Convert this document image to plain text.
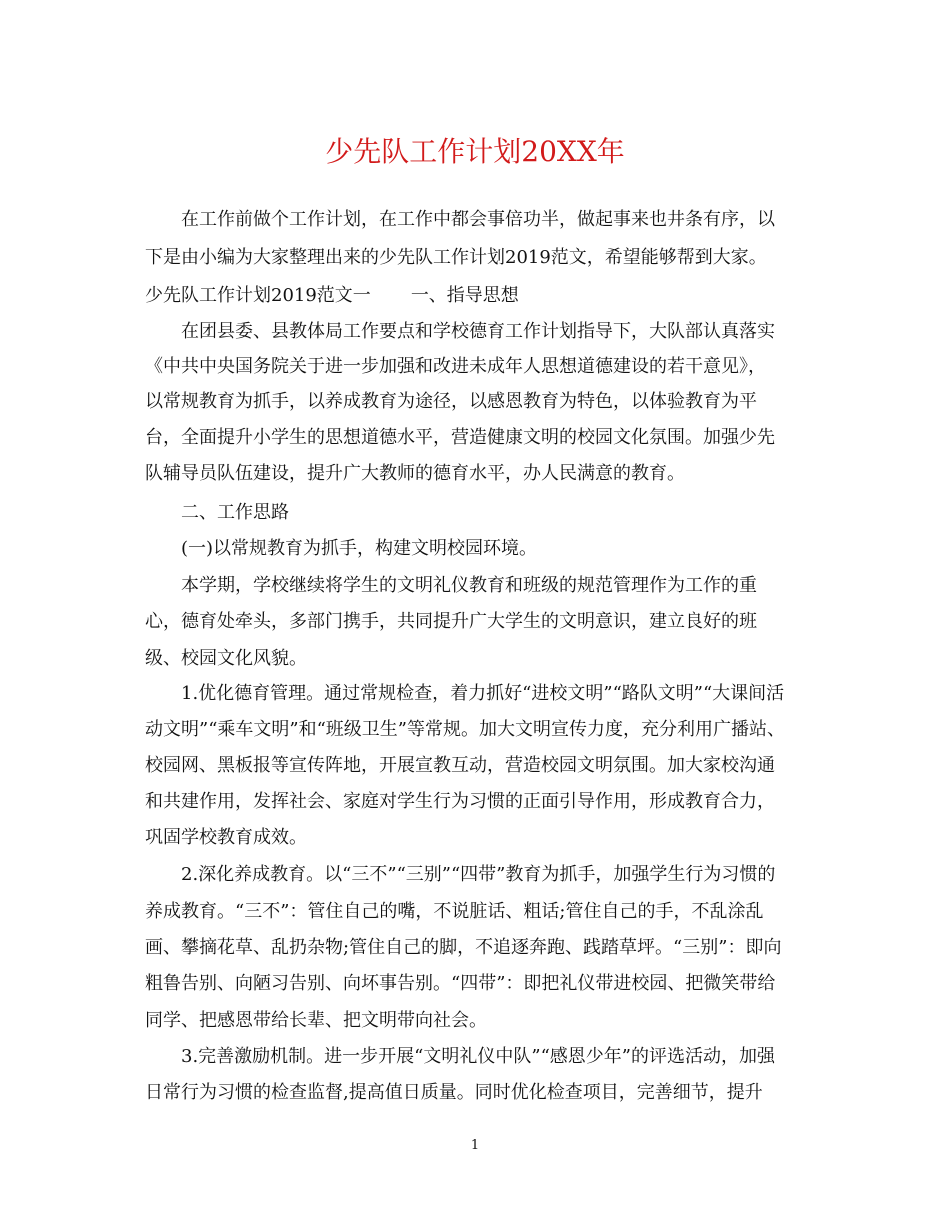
少先队工作计划20XX年
　　在工作前做个工作计划，在工作中都会事倍功半，做起事来也井条有序，以
下是由小编为大家整理出来的少先队工作计划2019范文，希望能够帮到大家。
少先队工作计划2019范文一 一、指导思想
　　在团县委、县教体局工作要点和学校德育工作计划指导下，大队部认真落实
《中共中央国务院关于进一步加强和改进未成年人思想道德建设的若干意见》，
以常规教育为抓手，以养成教育为途径，以感恩教育为特色，以体验教育为平
台，全面提升小学生的思想道德水平，营造健康文明的校园文化氛围。加强少先
队辅导员队伍建设，提升广大教师的德育水平，办人民满意的教育。
　　二、工作思路
　　(一)以常规教育为抓手，构建文明校园环境。
　　本学期，学校继续将学生的文明礼仪教育和班级的规范管理作为工作的重
心，德育处牵头，多部门携手，共同提升广大学生的文明意识，建立良好的班
级、校园文化风貌。
　　1.优化德育管理。通过常规检查，着力抓好“进校文明”“路队文明”“大课间活
动文明”“乘车文明”和“班级卫生”等常规。加大文明宣传力度，充分利用广播站、
校园网、黑板报等宣传阵地，开展宣教互动，营造校园文明氛围。加大家校沟通
和共建作用，发挥社会、家庭对学生行为习惯的正面引导作用，形成教育合力，
巩固学校教育成效。
　　2.深化养成教育。以“三不”“三别”“四带”教育为抓手，加强学生行为习惯的
养成教育。“三不”：管住自己的嘴，不说脏话、粗话;管住自己的手，不乱涂乱
画、攀摘花草、乱扔杂物;管住自己的脚，不追逐奔跑、践踏草坪。“三别”：即向
粗鲁告别、向陋习告别、向坏事告别。“四带”：即把礼仪带进校园、把微笑带给
同学、把感恩带给长辈、把文明带向社会。
　　3.完善激励机制。进一步开展“文明礼仪中队”“感恩少年”的评选活动，加强
日常行为习惯的检查监督,提高值日质量。同时优化检查项目，完善细节，提升
1
